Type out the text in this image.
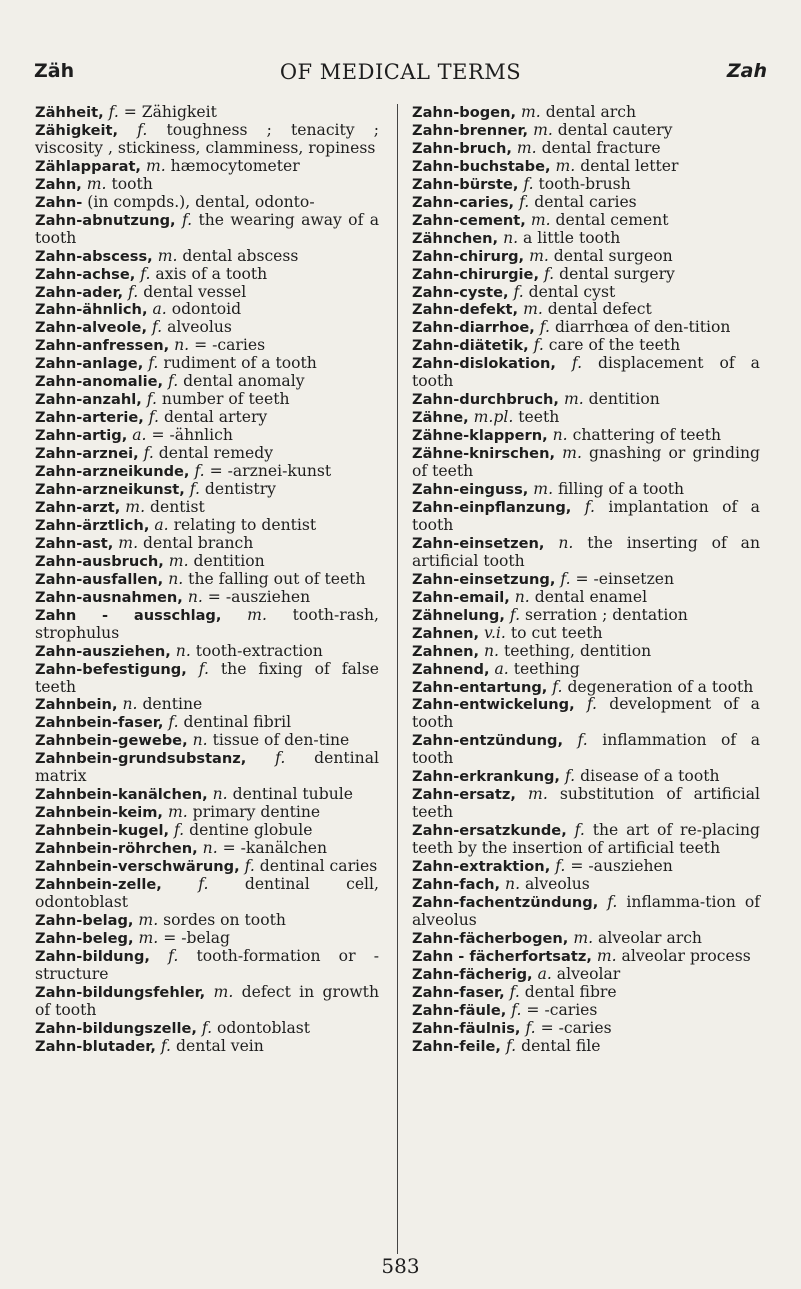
Zäh	OF MEDICAL TERMS	Zah
Zähheit, f. = Zähigkeit
Zähigkeit, f. toughness ; tenacity ; viscosity , stickiness, clamminess, ropiness
Zählapparat, m. hæmocytometer
Zahn, m. tooth
Zahn- (in compds.), dental, odonto-
Zahn-abnutzung, f. the wearing away of a tooth
Zahn-abscess, m. dental abscess
Zahn-achse, f. axis of a tooth
Zahn-ader, f. dental vessel
Zahn-ähnlich, a. odontoid
Zahn-alveole, f. alveolus
Zahn-anfressen, n. = -caries
Zahn-anlage, f. rudiment of a tooth
Zahn-anomalie, f. dental anomaly
Zahn-anzahl, f. number of teeth
Zahn-arterie, f. dental artery
Zahn-artig, a. = -ähnlich
Zahn-arznei, f. dental remedy
Zahn-arzneikunde, f. = -arznei-kunst
Zahn-arzneikunst, f. dentistry
Zahn-arzt, m. dentist
Zahn-ärztlich, a. relating to dentist
Zahn-ast, m. dental branch
Zahn-ausbruch, m. dentition
Zahn-ausfallen, n. the falling out of teeth
Zahn-ausnahmen, n. = -ausziehen
Zahn - ausschlag, m. tooth-rash, strophulus
Zahn-ausziehen, n. tooth-extraction
Zahn-befestigung, f. the fixing of false teeth
Zahnbein, n. dentine
Zahnbein-faser, f. dentinal fibril
Zahnbein-gewebe, n. tissue of den-tine
Zahnbein-grundsubstanz, f. dentinal matrix
Zahnbein-kanälchen, n. dentinal tubule
Zahnbein-keim, m. primary dentine
Zahnbein-kugel, f. dentine globule
Zahnbein-röhrchen, n. = -kanälchen
Zahnbein-verschwärung, f. dentinal caries
Zahnbein-zelle, f. dentinal cell, odontoblast
Zahn-belag, m. sordes on tooth
Zahn-beleg, m. = -belag
Zahn-bildung, f. tooth-formation or -structure
Zahn-bildungsfehler, m. defect in growth of tooth
Zahn-bildungszelle, f. odontoblast
Zahn-blutader, f. dental vein
Zahn-bogen, m. dental arch
Zahn-brenner, m. dental cautery
Zahn-bruch, m. dental fracture
Zahn-buchstabe, m. dental letter
Zahn-bürste, f. tooth-brush
Zahn-caries, f. dental caries
Zahn-cement, m. dental cement
Zähnchen, n. a little tooth
Zahn-chirurg, m. dental surgeon
Zahn-chirurgie, f. dental surgery
Zahn-cyste, f. dental cyst
Zahn-defekt, m. dental defect
Zahn-diarrhoe, f. diarrhœa of den-tition
Zahn-diätetik, f. care of the teeth
Zahn-dislokation, f. displacement of a tooth
Zahn-durchbruch, m. dentition
Zähne, m.pl. teeth
Zähne-klappern, n. chattering of teeth
Zähne-knirschen, m. gnashing or grinding of teeth
Zahn-einguss, m. filling of a tooth
Zahn-einpflanzung, f. implantation of a tooth
Zahn-einsetzen, n. the inserting of an artificial tooth
Zahn-einsetzung, f. = -einsetzen
Zahn-email, n. dental enamel
Zähnelung, f. serration ; dentation
Zahnen, v.i. to cut teeth
Zahnen, n. teething, dentition
Zahnend, a. teething
Zahn-entartung, f. degeneration of a tooth
Zahn-entwickelung, f. development of a tooth
Zahn-entzündung, f. inflammation of a tooth
Zahn-erkrankung, f. disease of a tooth
Zahn-ersatz, m. substitution of artificial teeth
Zahn-ersatzkunde, f. the art of re-placing teeth by the insertion of artificial teeth
Zahn-extraktion, f. = -ausziehen
Zahn-fach, n. alveolus
Zahn-fachentzündung, f. inflamma-tion of alveolus
Zahn-fächerbogen, m. alveolar arch
Zahn - fächerfortsatz, m. alveolar process
Zahn-fächerig, a. alveolar
Zahn-faser, f. dental fibre
Zahn-fäule, f. = -caries
Zahn-fäulnis, f. = -caries
Zahn-feile, f. dental file
583
